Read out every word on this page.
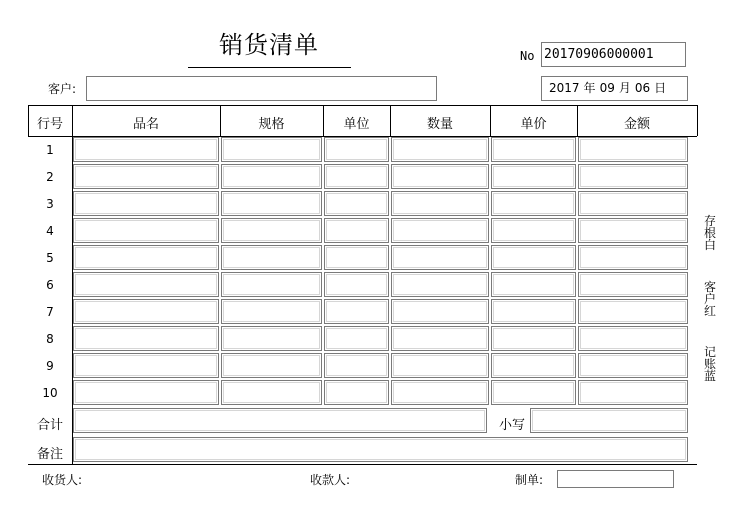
销货清单	No 20170906000001
客户:	2017 年 09 月 06 日
行号	品名	规格	单位	数量	单价	金额
1
2
3
4
5
6
7
8
9
10
合计	小写
备注
存根白
客户红
记账蓝
收货人:	收款人:	制单:
